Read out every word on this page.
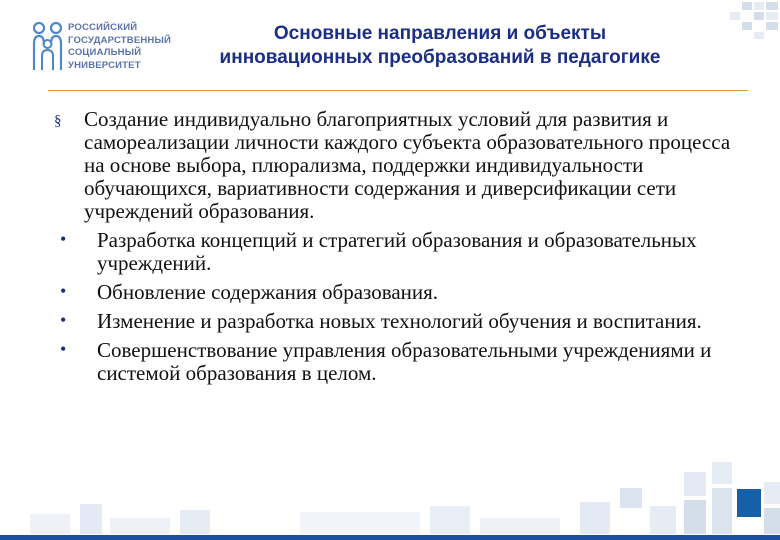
РОССИЙСКИЙ
ГОСУДАРСТВЕННЫЙ
СОЦИАЛЬНЫЙ
УНИВЕРСИТЕТ
Основные направления и объекты
инновационных преобразований в педагогике
§	Создание индивидуально благоприятных условий для развития и самореализации личности каждого субъекта образовательного процесса на основе выбора, плюрализма, поддержки индивидуальности обучающихся, вариативности содержания и диверсификации сети учреждений образования.
•	Разработка концепций и стратегий образования и образовательных учреждений.
•	Обновление содержания образования.
•	Изменение и разработка новых технологий обучения и воспитания.
•	Совершенствование управления образовательными учреждениями и системой образования в целом.
